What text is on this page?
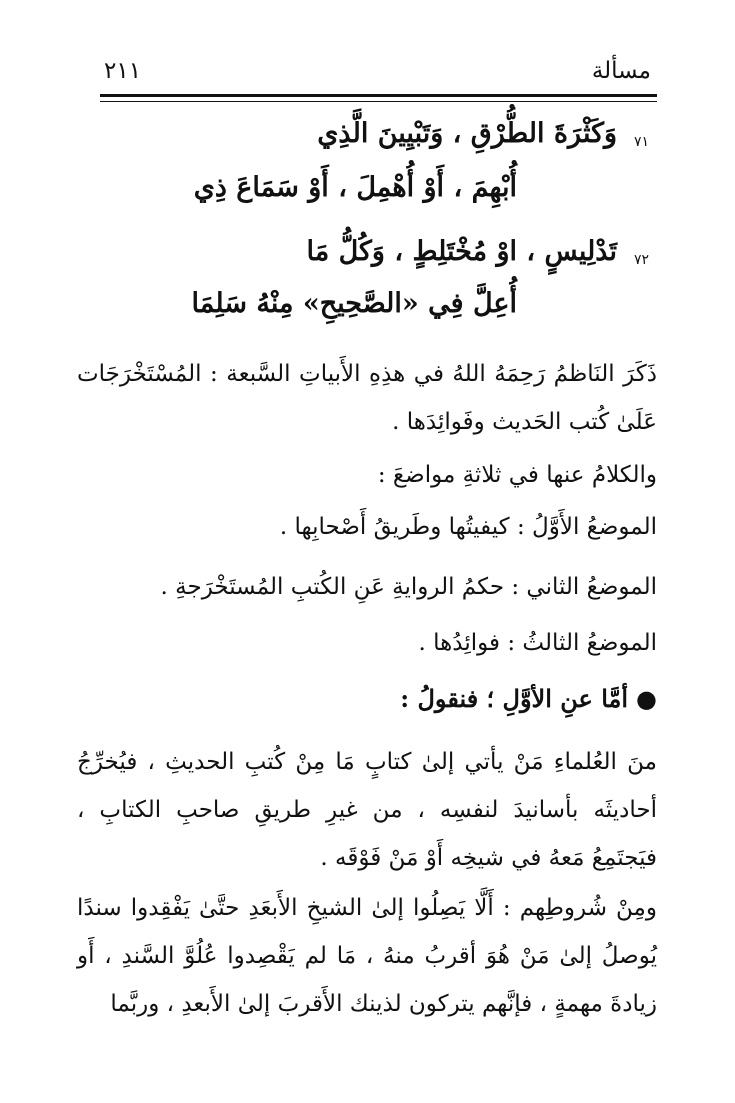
مسألة
٢١١
٧١
وَكَثْرَةَ الطُّرْقِ ، وَتَبْيِينَ الَّذِي
أُبْهِمَ ، أَوْ أُهْمِلَ ، أَوْ سَمَاعَ ذِي
٧٢
تَدْلِيسٍ ، اوْ مُخْتَلِطٍ ، وَكُلُّ مَا
أُعِلَّ فِي «الصَّحِيحِ» مِنْهُ سَلِمَا
ذَكَرَ النَاظمُ رَحِمَهُ اللهُ في هذِهِ الأَبياتِ السَّبعة : المُسْتَخْرَجَات عَلَىٰ كُتب الحَديث وفَوائِدَها .
والكلامُ عنها في ثلاثةِ مواضعَ :
الموضعُ الأَوَّلُ : كيفيتُها وطَريقُ أَصْحابِها .
الموضعُ الثاني : حكمُ الروايةِ عَنِ الكُتبِ المُستَخْرَجةِ .
الموضعُ الثالثُ : فوائِدُها .
●أمَّا عنِ الأوَّلِ ؛ فنقولُ :
منَ العُلماءِ مَنْ يأتي إلىٰ كتابٍ مَا مِنْ كُتبِ الحديثِ ، فيُخرِّجُ أحاديثَه بأسانيدَ لنفسِه ، من غيرِ طريقِ صاحبِ الكتابِ ، فيَجتَمِعُ مَعهُ في شيخِه أَوْ مَنْ فَوْقَه .
ومِنْ شُروطِهم : أَلَّا يَصِلُوا إلىٰ الشيخِ الأَبعَدِ حتَّىٰ يَفْقِدوا سندًا يُوصلُ إلىٰ مَنْ هُوَ أقربُ منهُ ، مَا لم يَقْصِدوا عُلُوَّ السَّندِ ، أَو زيادةَ مهمةٍ ، فإنَّهم يتركون لذينك الأَقربَ إلىٰ الأَبعدِ ، وربَّما
